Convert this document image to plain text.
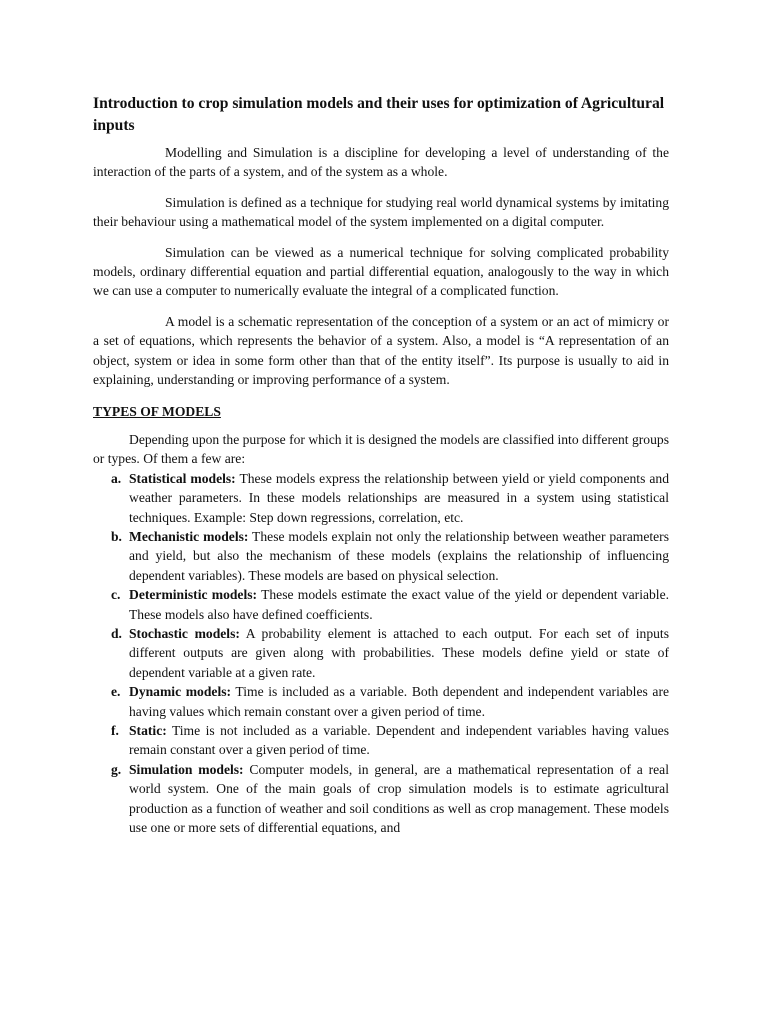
Introduction to crop simulation models and their uses for optimization of Agricultural inputs

Modelling and Simulation is a discipline for developing a level of understanding of the interaction of the parts of a system, and of the system as a whole.

Simulation is defined as a technique for studying real world dynamical systems by imitating their behaviour using a mathematical model of the system implemented on a digital computer.

Simulation can be viewed as a numerical technique for solving complicated probability models, ordinary differential equation and partial differential equation, analogously to the way in which we can use a computer to numerically evaluate the integral of a complicated function.

A model is a schematic representation of the conception of a system or an act of mimicry or a set of equations, which represents the behavior of a system. Also, a model is “A representation of an object, system or idea in some form other than that of the entity itself”. Its purpose is usually to aid in explaining, understanding or improving performance of a system.

TYPES OF MODELS

Depending upon the purpose for which it is designed the models are classified into different groups or types. Of them a few are:

a. Statistical models: These models express the relationship between yield or yield components and weather parameters. In these models relationships are measured in a system using statistical techniques. Example: Step down regressions, correlation, etc.
b. Mechanistic models: These models explain not only the relationship between weather parameters and yield, but also the mechanism of these models (explains the relationship of influencing dependent variables). These models are based on physical selection.
c. Deterministic models: These models estimate the exact value of the yield or dependent variable. These models also have defined coefficients.
d. Stochastic models: A probability element is attached to each output. For each set of inputs different outputs are given along with probabilities. These models define yield or state of dependent variable at a given rate.
e. Dynamic models: Time is included as a variable. Both dependent and independent variables are having values which remain constant over a given period of time.
f. Static: Time is not included as a variable. Dependent and independent variables having values remain constant over a given period of time.
g. Simulation models: Computer models, in general, are a mathematical representation of a real world system. One of the main goals of crop simulation models is to estimate agricultural production as a function of weather and soil conditions as well as crop management. These models use one or more sets of differential equations, and
